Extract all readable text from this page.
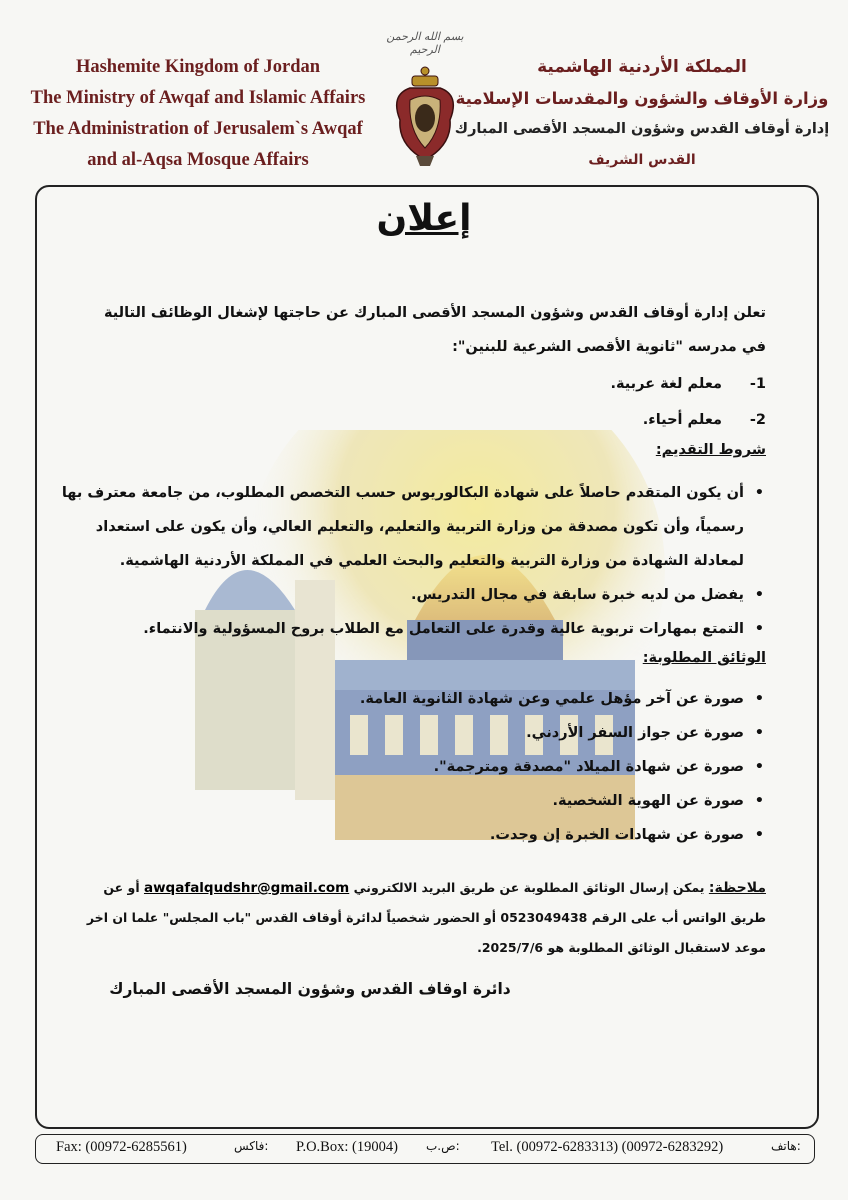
Hashemite Kingdom of Jordan
The Ministry of Awqaf and Islamic Affairs
The Administration of Jerusalem`s Awqaf
and al-Aqsa Mosque Affairs
بسم الله الرحمن الرحيم
المملكة الأردنية الهاشمية
وزارة الأوقاف والشؤون والمقدسات الإسلامية
إدارة أوقاف القدس وشؤون المسجد الأقصى المبارك
القدس الشريف
إعلان
تعلن إدارة أوقاف القدس وشؤون المسجد الأقصى المبارك عن حاجتها لإشغال الوظائف التالية في مدرسه "ثانوية الأقصى الشرعية للبنين":
1-معلم لغة عربية.
2-معلم أحياء.
شروط التقديم:
• أن يكون المتقدم حاصلاً على شهادة البكالوريوس حسب التخصص المطلوب، من جامعة معترف بها رسمياً، وأن تكون مصدقة من وزارة التربية والتعليم، والتعليم العالي، وأن يكون على استعداد لمعادلة الشهادة من وزارة التربية والتعليم والبحث العلمي في المملكة الأردنية الهاشمية.
• يفضل من لديه خبرة سابقة في مجال التدريس.
• التمتع بمهارات تربوية عالية وقدرة على التعامل مع الطلاب بروح المسؤولية والانتماء.
الوثائق المطلوبة:
• صورة عن آخر مؤهل علمي وعن شهادة الثانوية العامة.
• صورة عن جواز السفر الأردني.
• صورة عن شهادة الميلاد "مصدقة ومترجمة".
• صورة عن الهوية الشخصية.
• صورة عن شهادات الخبرة إن وجدت.
ملاحظة: يمكن إرسال الوثائق المطلوبة عن طريق البريد الالكتروني awqafalqudshr@gmail.com أو عن طريق الواتس أب على الرقم 0523049438 أو الحضور شخصياً لدائرة أوقاف القدس "باب المجلس" علما ان اخر موعد لاستقبال الوثائق المطلوبة هو 2025/7/6.
دائرة اوقاف القدس وشؤون المسجد الأقصى المبارك
Fax: (00972-6285561)	فاكس: P.O.Box: (19004) ص.ب: Tel. (00972-6283313) (00972-6283292)	هاتف:
